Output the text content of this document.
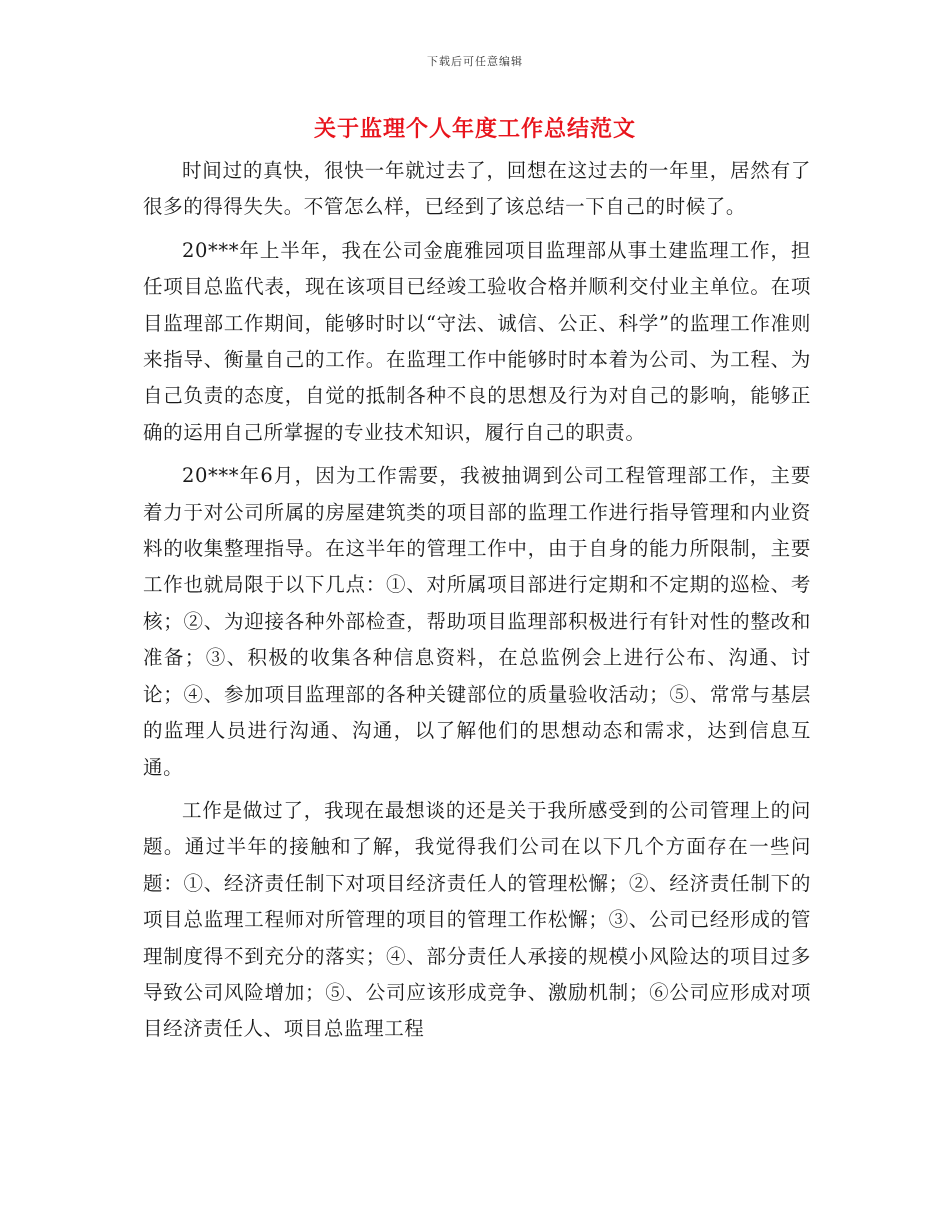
下载后可任意编辑
关于监理个人年度工作总结范文

时间过的真快，很快一年就过去了，回想在这过去的一年里，居然有了很多的得得失失。不管怎么样，已经到了该总结一下自己的时候了。

20***年上半年，我在公司金鹿雅园项目监理部从事土建监理工作，担任项目总监代表，现在该项目已经竣工验收合格并顺利交付业主单位。在项目监理部工作期间，能够时时以“守法、诚信、公正、科学”的监理工作准则来指导、衡量自己的工作。在监理工作中能够时时本着为公司、为工程、为自己负责的态度，自觉的抵制各种不良的思想及行为对自己的影响，能够正确的运用自己所掌握的专业技术知识，履行自己的职责。

20***年6月，因为工作需要，我被抽调到公司工程管理部工作，主要着力于对公司所属的房屋建筑类的项目部的监理工作进行指导管理和内业资料的收集整理指导。在这半年的管理工作中，由于自身的能力所限制，主要工作也就局限于以下几点：①、对所属项目部进行定期和不定期的巡检、考核；②、为迎接各种外部检查，帮助项目监理部积极进行有针对性的整改和准备；③、积极的收集各种信息资料，在总监例会上进行公布、沟通、讨论；④、参加项目监理部的各种关键部位的质量验收活动；⑤、常常与基层的监理人员进行沟通、沟通，以了解他们的思想动态和需求，达到信息互通。

工作是做过了，我现在最想谈的还是关于我所感受到的公司管理上的问题。通过半年的接触和了解，我觉得我们公司在以下几个方面存在一些问题：①、经济责任制下对项目经济责任人的管理松懈；②、经济责任制下的项目总监理工程师对所管理的项目的管理工作松懈；③、公司已经形成的管理制度得不到充分的落实；④、部分责任人承接的规模小风险达的项目过多导致公司风险增加；⑤、公司应该形成竞争、激励机制；⑥公司应形成对项目经济责任人、项目总监理工程
